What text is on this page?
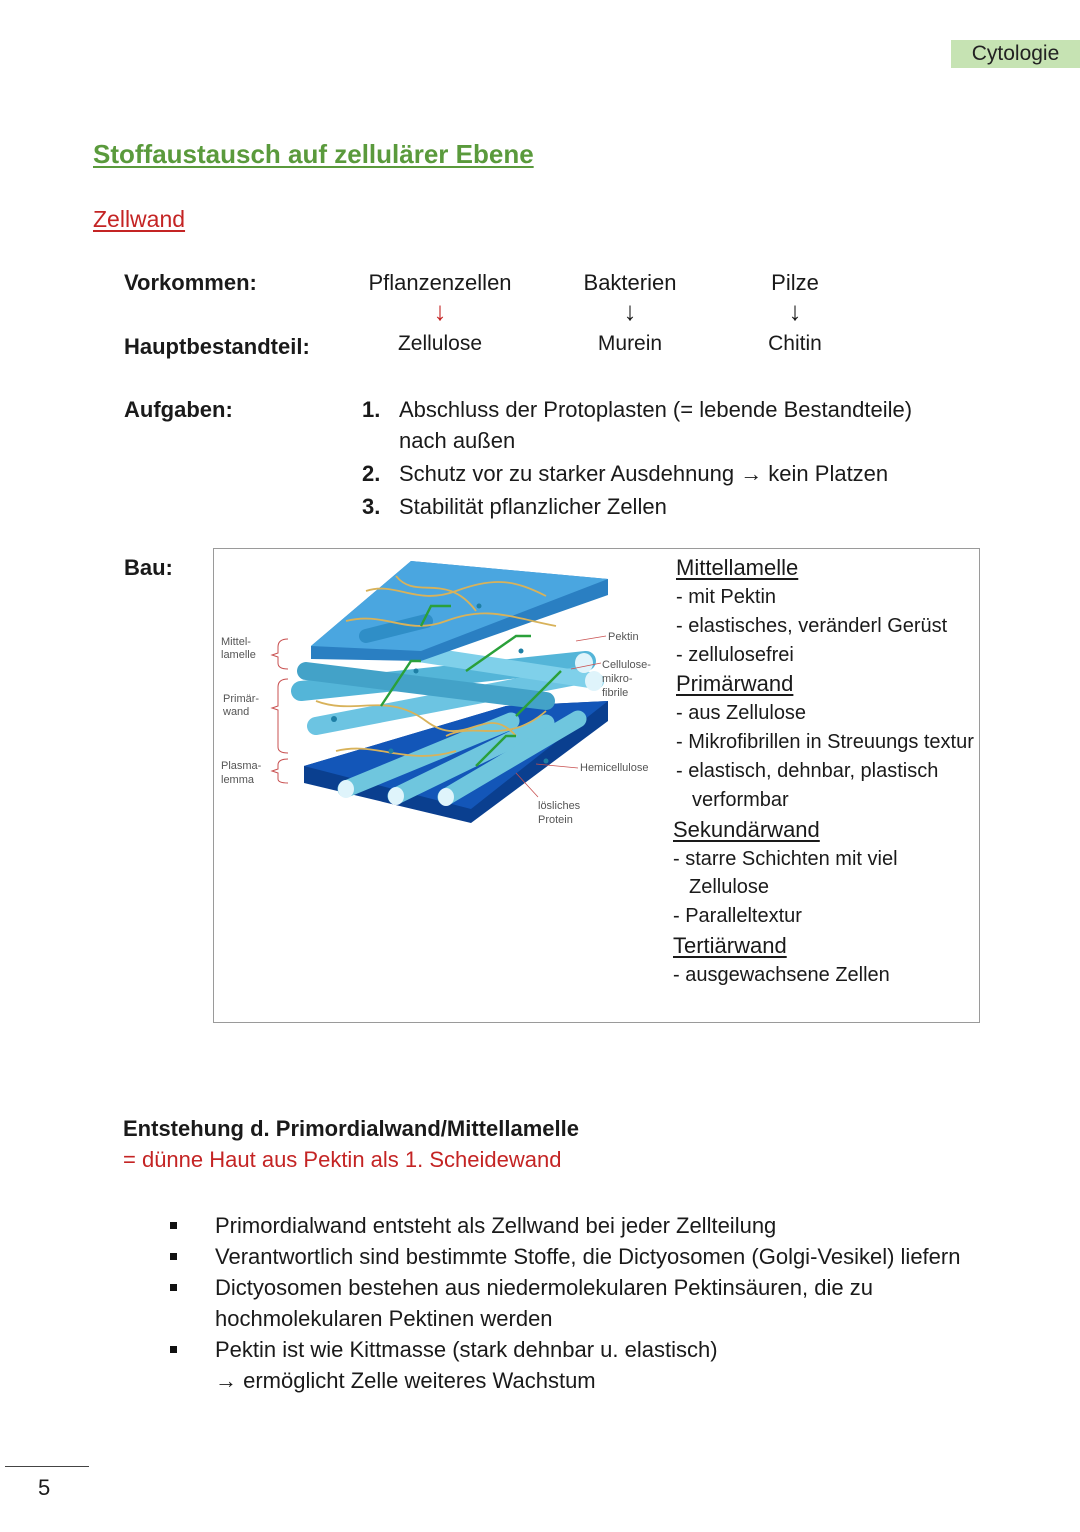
Cytologie
Stoffaustausch auf zellulärer Ebene
Zellwand
Vorkommen:
Hauptbestandteil:
Aufgaben:
Bau:
Pflanzenzellen
↓
Zellulose
Bakterien
↓
Murein
Pilze
↓
Chitin
1. Abschluss der Protoplasten (= lebende Bestandteile)
nach außen
2. Schutz vor zu starker Ausdehnung → kein Platzen
3. Stabilität pflanzlicher Zellen
Mittel-
lamelle
Primär-
wand
Plasma-
lemma
Pektin
Cellulose-
mikro-
fibrile
Hemicellulose
lösliches
Protein
Mittellamelle
- mit Pektin
- elastisches, veränderl Gerüst
- zellulosefrei
Primärwand
- aus Zellulose
- Mikrofibrillen in Streuungs textur
- elastisch, dehnbar, plastisch verformbar
Sekundärwand
- starre Schichten mit viel Zellulose
- Paralleltextur
Tertiärwand
- ausgewachsene Zellen
Entstehung d. Primordialwand/Mittellamelle
= dünne Haut aus Pektin als 1. Scheidewand
Primordialwand entsteht als Zellwand bei jeder Zellteilung
Verantwortlich sind bestimmte Stoffe, die Dictyosomen (Golgi-Vesikel) liefern
Dictyosomen bestehen aus niedermolekularen Pektinsäuren, die zu hochmolekularen Pektinen werden
Pektin ist wie Kittmasse (stark dehnbar u. elastisch)
→ ermöglicht Zelle weiteres Wachstum
5
